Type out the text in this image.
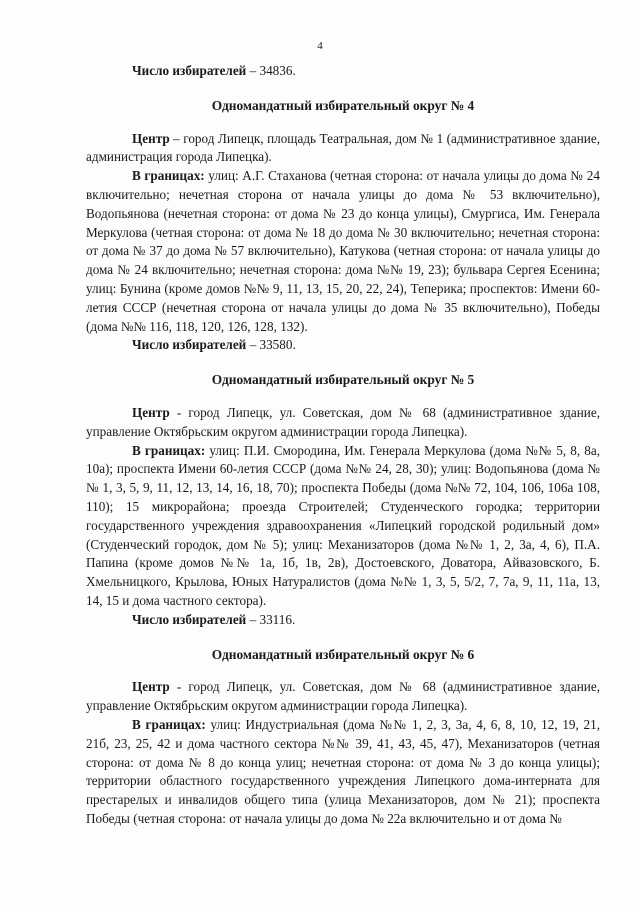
4

Число избирателей – 34836.

Одномандатный избирательный округ № 4

Центр – город Липецк, площадь Театральная, дом № 1 (административное здание, администрация города Липецка).

В границах: улиц: А.Г. Стаханова (четная сторона: от начала улицы до дома № 24 включительно; нечетная сторона от начала улицы до дома № 53 включительно), Водопьянова (нечетная сторона: от дома № 23 до конца улицы), Смургиса, Им. Генерала Меркулова (четная сторона: от дома № 18 до дома № 30 включительно; нечетная сторона: от дома № 37 до дома № 57 включительно), Катукова (четная сторона: от начала улицы до дома № 24 включительно; нечетная сторона: дома №№ 19, 23); бульвара Сергея Есенина; улиц: Бунина (кроме домов №№ 9, 11, 13, 15, 20, 22, 24), Теперика; проспектов: Имени 60-летия СССР (нечетная сторона от начала улицы до дома № 35 включительно), Победы (дома №№ 116, 118, 120, 126, 128, 132).

Число избирателей – 33580.

Одномандатный избирательный округ № 5

Центр - город Липецк, ул. Советская, дом № 68 (административное здание, управление Октябрьским округом администрации города Липецка).

В границах: улиц: П.И. Смородина, Им. Генерала Меркулова (дома №№ 5, 8, 8а, 10а); проспекта Имени 60-летия СССР (дома №№ 24, 28, 30); улиц: Водопьянова (дома №№ 1, 3, 5, 9, 11, 12, 13, 14, 16, 18, 70); проспекта Победы (дома №№ 72, 104, 106, 106а 108, 110); 15 микрорайона; проезда Строителей; Студенческого городка; территории государственного учреждения здравоохранения «Липецкий городской родильный дом» (Студенческий городок, дом № 5); улиц: Механизаторов (дома №№ 1, 2, 3а, 4, 6), П.А. Папина (кроме домов №№ 1а, 1б, 1в, 2в), Достоевского, Доватора, Айвазовского, Б. Хмельницкого, Крылова, Юных Натуралистов (дома №№ 1, 3, 5, 5/2, 7, 7а, 9, 11, 11а, 13, 14, 15 и дома частного сектора).

Число избирателей – 33116.

Одномандатный избирательный округ № 6

Центр - город Липецк, ул. Советская, дом № 68 (административное здание, управление Октябрьским округом администрации города Липецка).

В границах: улиц: Индустриальная (дома №№ 1, 2, 3, 3а, 4, 6, 8, 10, 12, 19, 21, 21б, 23, 25, 42 и дома частного сектора №№ 39, 41, 43, 45, 47), Механизаторов (четная сторона: от дома № 8 до конца улиц; нечетная сторона: от дома № 3 до конца улицы); территории областного государственного учреждения Липецкого дома-интерната для престарелых и инвалидов общего типа (улица Механизаторов, дом № 21); проспекта Победы (четная сторона: от начала улицы до дома № 22а включительно и от дома №
